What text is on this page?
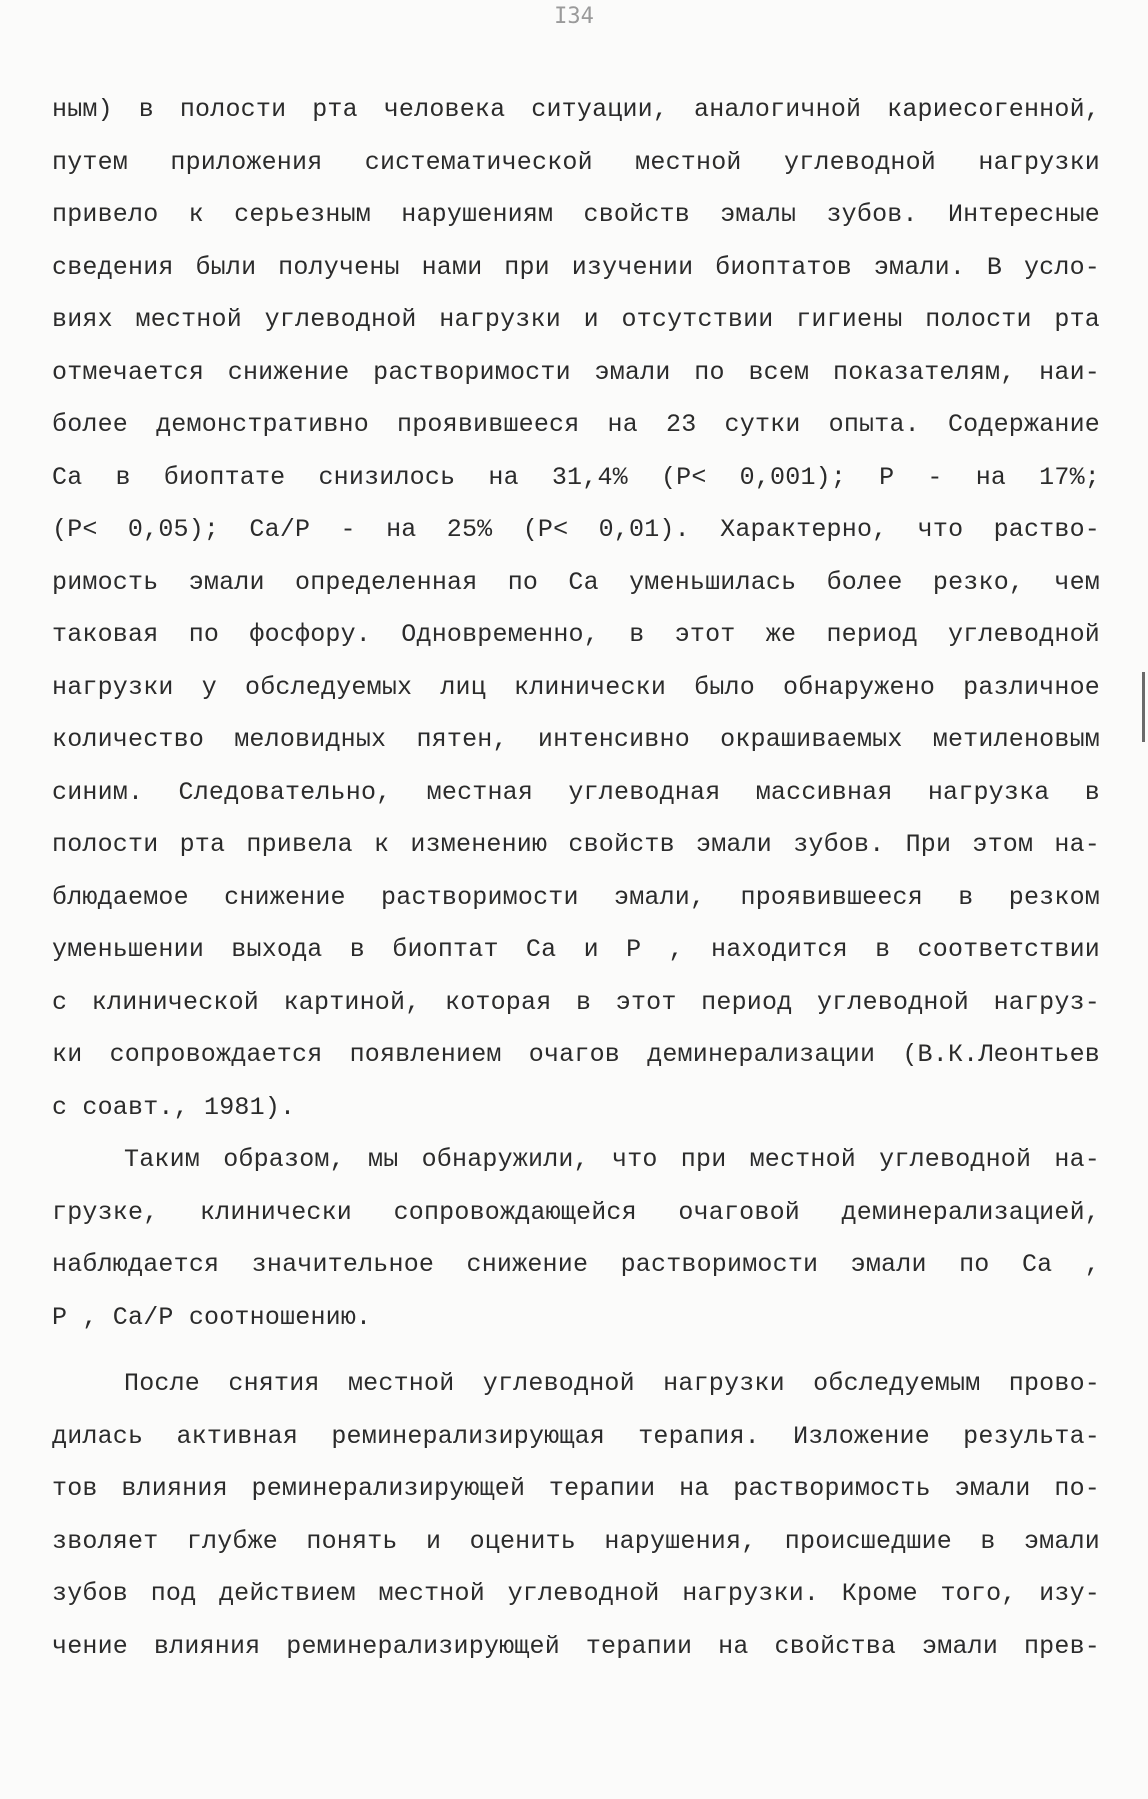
I34
ным) в полости рта человека ситуации, аналогичной кариесогенной,
путем приложения систематической местной углеводной нагрузки
привело к серьезным нарушениям свойств эмалы зубов. Интересные
сведения были получены нами при изучении биоптатов эмали. В усло-
виях местной углеводной нагрузки и отсутствии гигиены полости рта
отмечается снижение растворимости эмали по всем показателям, наи-
более демонстративно проявившееся на 23 сутки опыта. Содержание
Ca в биоптате снизилось на 31,4% (P< 0,001); P - на 17%;
(P< 0,05); Ca/P - на 25% (P< 0,01). Характерно, что раство-
римость эмали определенная по Ca уменьшилась более резко, чем
таковая по фосфору. Одновременно, в этот же период углеводной
нагрузки у обследуемых лиц клинически было обнаружено различное
количество меловидных пятен, интенсивно окрашиваемых метиленовым
синим. Следовательно, местная углеводная массивная нагрузка в
полости рта привела к изменению свойств эмали зубов. При этом на-
блюдаемое снижение растворимости эмали, проявившееся в резком
уменьшении выхода в биоптат Ca и P , находится в соответствии
с клинической картиной, которая в этот период углеводной нагруз-
ки сопровождается появлением очагов деминерализации (В.К.Леонтьев
с соавт., 1981).
Таким образом, мы обнаружили, что при местной углеводной на-
грузке, клинически сопровождающейся очаговой деминерализацией,
наблюдается значительное снижение растворимости эмали по Ca ,
P , Ca/P соотношению.
После снятия местной углеводной нагрузки обследуемым прово-
дилась активная реминерализирующая терапия. Изложение результа-
тов влияния реминерализирующей терапии на растворимость эмали по-
зволяет глубже понять и оценить нарушения, происшедшие в эмали
зубов под действием местной углеводной нагрузки. Кроме того, изу-
чение влияния реминерализирующей терапии на свойства эмали прев-
